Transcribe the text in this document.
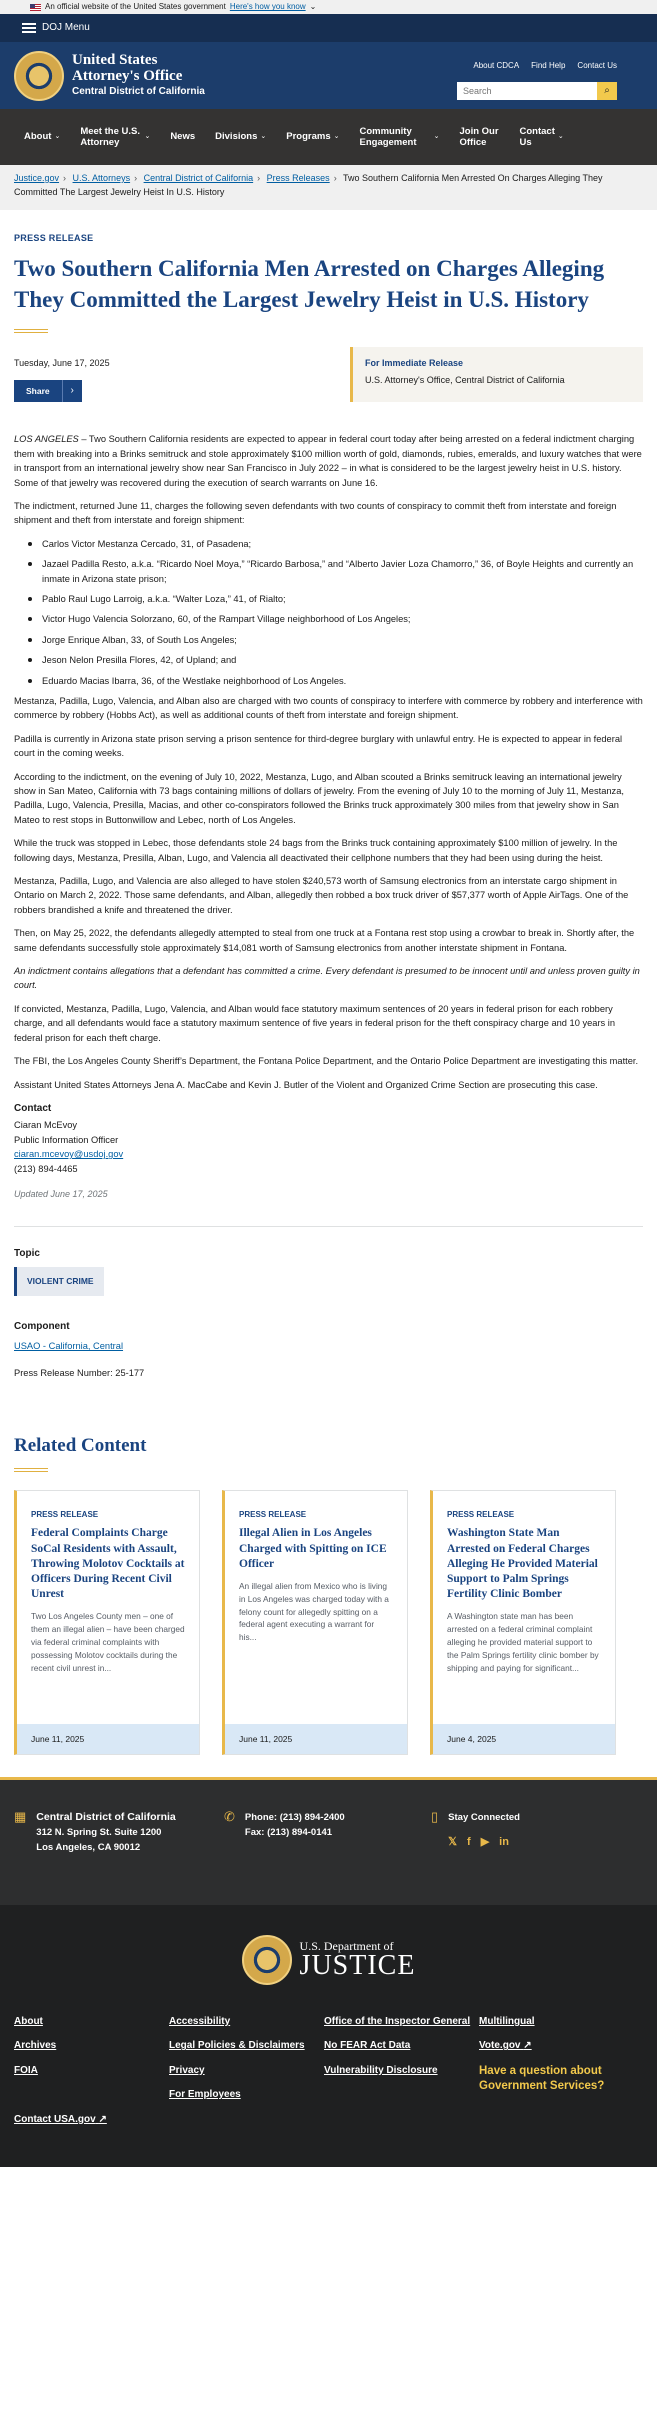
An official website of the United States government Here's how you know ⌄
DOJ Menu
United States
Attorney's Office
Central District of California
About CDCA Find Help Contact Us
Search
⌕
About ⌄ Meet the U.S. Attorney
⌄ News Divisions ⌄ Programs ⌄ Community Engagement
⌄ Join Our Office
Contact Us
⌄
Justice.gov › U.S. Attorneys › Central District of California › Press Releases › Two Southern California Men Arrested On Charges Alleging They Committed The Largest Jewelry Heist In U.S. History
PRESS RELEASE
Two Southern California Men Arrested on Charges Alleging They Committed the Largest Jewelry Heist in U.S. History
Tuesday, June 17, 2025
Share	›
For Immediate Release
U.S. Attorney's Office, Central District of California

LOS ANGELES – Two Southern California residents are expected to appear in federal court today after being arrested on a federal indictment charging them with breaking into a Brinks semitruck and stole approximately $100 million worth of gold, diamonds, rubies, emeralds, and luxury watches that were in transport from an international jewelry show near San Francisco in July 2022 – in what is considered to be the largest jewelry heist in U.S. history. Some of that jewelry was recovered during the execution of search warrants on June 16.

The indictment, returned June 11, charges the following seven defendants with two counts of conspiracy to commit theft from interstate and foreign shipment and theft from interstate and foreign shipment:

Carlos Victor Mestanza Cercado, 31, of Pasadena;
Jazael Padilla Resto, a.k.a. “Ricardo Noel Moya,” “Ricardo Barbosa,” and “Alberto Javier Loza Chamorro,” 36, of Boyle Heights and currently an inmate in Arizona state prison;
Pablo Raul Lugo Larroig, a.k.a. “Walter Loza,” 41, of Rialto;
Victor Hugo Valencia Solorzano, 60, of the Rampart Village neighborhood of Los Angeles;
Jorge Enrique Alban, 33, of South Los Angeles;
Jeson Nelon Presilla Flores, 42, of Upland; and
Eduardo Macias Ibarra, 36, of the Westlake neighborhood of Los Angeles.

Mestanza, Padilla, Lugo, Valencia, and Alban also are charged with two counts of conspiracy to interfere with commerce by robbery and interference with commerce by robbery (Hobbs Act), as well as additional counts of theft from interstate and foreign shipment.

Padilla is currently in Arizona state prison serving a prison sentence for third-degree burglary with unlawful entry. He is expected to appear in federal court in the coming weeks.

According to the indictment, on the evening of July 10, 2022, Mestanza, Lugo, and Alban scouted a Brinks semitruck leaving an international jewelry show in San Mateo, California with 73 bags containing millions of dollars of jewelry. From the evening of July 10 to the morning of July 11, Mestanza, Padilla, Lugo, Valencia, Presilla, Macias, and other co-conspirators followed the Brinks truck approximately 300 miles from that jewelry show in San Mateo to rest stops in Buttonwillow and Lebec, north of Los Angeles.

While the truck was stopped in Lebec, those defendants stole 24 bags from the Brinks truck containing approximately $100 million of jewelry. In the following days, Mestanza, Presilla, Alban, Lugo, and Valencia all deactivated their cellphone numbers that they had been using during the heist.

Mestanza, Padilla, Lugo, and Valencia are also alleged to have stolen $240,573 worth of Samsung electronics from an interstate cargo shipment in Ontario on March 2, 2022. Those same defendants, and Alban, allegedly then robbed a box truck driver of $57,377 worth of Apple AirTags. One of the robbers brandished a knife and threatened the driver.

Then, on May 25, 2022, the defendants allegedly attempted to steal from one truck at a Fontana rest stop using a crowbar to break in. Shortly after, the same defendants successfully stole approximately $14,081 worth of Samsung electronics from another interstate shipment in Fontana.

An indictment contains allegations that a defendant has committed a crime. Every defendant is presumed to be innocent until and unless proven guilty in court.

If convicted, Mestanza, Padilla, Lugo, Valencia, and Alban would face statutory maximum sentences of 20 years in federal prison for each robbery charge, and all defendants would face a statutory maximum sentence of five years in federal prison for the theft conspiracy charge and 10 years in federal prison for each theft charge.

The FBI, the Los Angeles County Sheriff’s Department, the Fontana Police Department, and the Ontario Police Department are investigating this matter.

Assistant United States Attorneys Jena A. MacCabe and Kevin J. Butler of the Violent and Organized Crime Section are prosecuting this case.

Contact
Ciaran McEvoy
Public Information Officer
ciaran.mcevoy@usdoj.gov
(213) 894-4465
Updated June 17, 2025
Topic
VIOLENT CRIME
Component
USAO - California, Central
Press Release Number: 25-177
Related Content
PRESS RELEASE
Federal Complaints Charge SoCal Residents with Assault, Throwing Molotov Cocktails at Officers During Recent Civil Unrest
Two Los Angeles County men – one of them an illegal alien – have been charged via federal criminal complaints with possessing Molotov cocktails during the recent civil unrest in...
June 11, 2025
PRESS RELEASE
Illegal Alien in Los Angeles Charged with Spitting on ICE Officer
An illegal alien from Mexico who is living in Los Angeles was charged today with a felony count for allegedly spitting on a federal agent executing a warrant for his...
June 11, 2025
PRESS RELEASE
Washington State Man Arrested on Federal Charges Alleging He Provided Material Support to Palm Springs Fertility Clinic Bomber
A Washington state man has been arrested on a federal criminal complaint alleging he provided material support to the Palm Springs fertility clinic bomber by shipping and paying for significant...
June 4, 2025
▦ Central District of California
312 N. Spring St. Suite 1200
Los Angeles, CA 90012
✆ Phone: (213) 894-2400
Fax: (213) 894-0141
▯ Stay Connected
𝕏 f ▶ in
U.S. Department of
JUSTICE
About	Accessibility	Office of the Inspector General Multilingual
Archives	Legal Policies & Disclaimers	No FEAR Act Data	Vote.gov ↗
FOIA	Privacy	Vulnerability Disclosure	Have a question about Government Services?
For Employees
Contact USA.gov ↗
